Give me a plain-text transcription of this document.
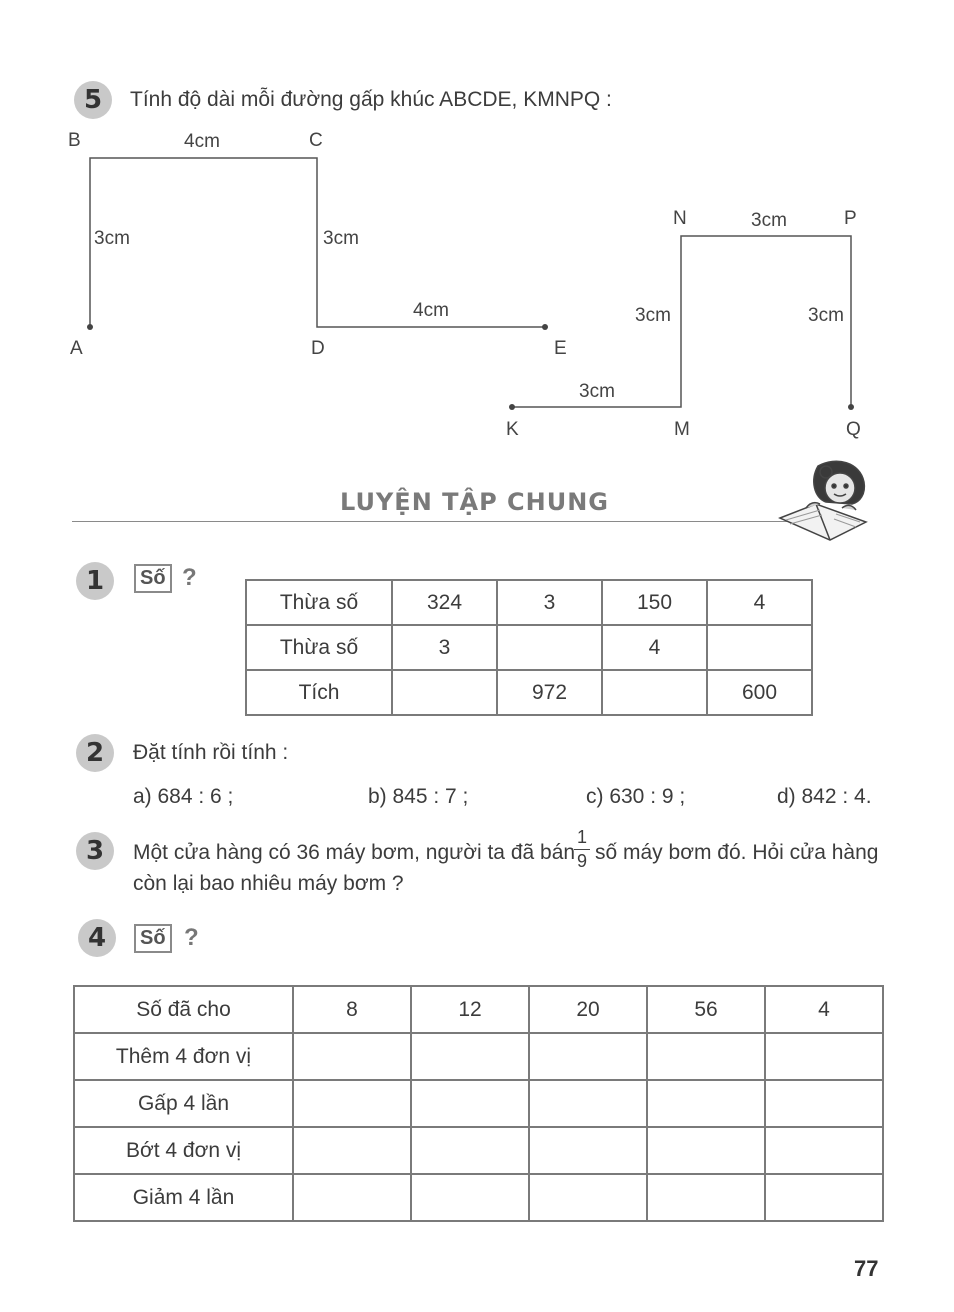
5	Tính độ dài mỗi đường gấp khúc ABCDE, KMNPQ :
B	C
A	D	E
N	P
K	M	Q
4cm
3cm	3cm
4cm
3cm
3cm	3cm
3cm
LUYỆN TẬP CHUNG
1	Số ?
Thừa số	324	3	150	4
Thừa số	3		4	
Tích		972		600
2	Đặt tính rồi tính :
a) 684 : 6 ;	b) 845 : 7 ;	c) 630 : 9 ;	d) 842 : 4.
3	Một cửa hàng có 36 máy bơm, người ta đã bán
1
9 số máy bơm đó. Hỏi cửa hàng
còn lại bao nhiêu máy bơm ?
4	Số ?
Số đã cho	8	12	20	56	4
Thêm 4 đơn vị					
Gấp 4 lần					
Bớt 4 đơn vị					
Giảm 4 lần					
77
